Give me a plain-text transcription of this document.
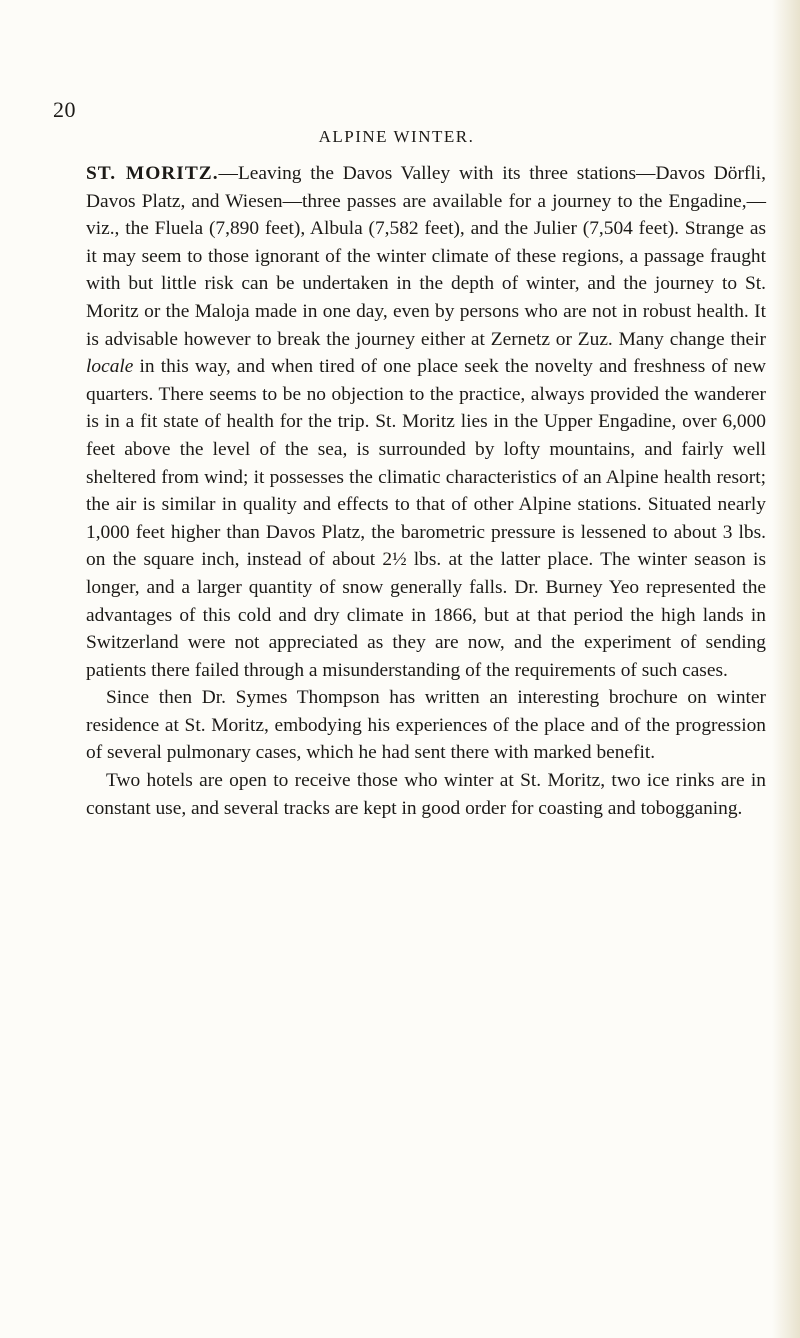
20
ALPINE WINTER.

ST. MORITZ.—Leaving the Davos Valley with its three stations—Davos Dörfli, Davos Platz, and Wiesen—three passes are available for a journey to the Engadine,—viz., the Fluela (7,890 feet), Albula (7,582 feet), and the Julier (7,504 feet). Strange as it may seem to those ignorant of the winter climate of these regions, a passage fraught with but little risk can be undertaken in the depth of winter, and the journey to St. Moritz or the Maloja made in one day, even by persons who are not in robust health. It is advisable however to break the journey either at Zernetz or Zuz. Many change their locale in this way, and when tired of one place seek the novelty and freshness of new quarters. There seems to be no objection to the practice, always provided the wanderer is in a fit state of health for the trip. St. Moritz lies in the Upper Engadine, over 6,000 feet above the level of the sea, is surrounded by lofty mountains, and fairly well sheltered from wind; it possesses the climatic characteristics of an Alpine health resort; the air is similar in quality and effects to that of other Alpine stations. Situated nearly 1,000 feet higher than Davos Platz, the barometric pressure is lessened to about 3 lbs. on the square inch, instead of about 2½ lbs. at the latter place. The winter season is longer, and a larger quantity of snow generally falls. Dr. Burney Yeo represented the advantages of this cold and dry climate in 1866, but at that period the high lands in Switzerland were not appreciated as they are now, and the experiment of sending patients there failed through a misunderstanding of the requirements of such cases.

Since then Dr. Symes Thompson has written an interesting brochure on winter residence at St. Moritz, embodying his experiences of the place and of the progression of several pulmonary cases, which he had sent there with marked benefit.

Two hotels are open to receive those who winter at St. Moritz, two ice rinks are in constant use, and several tracks are kept in good order for coasting and tobogganing.
